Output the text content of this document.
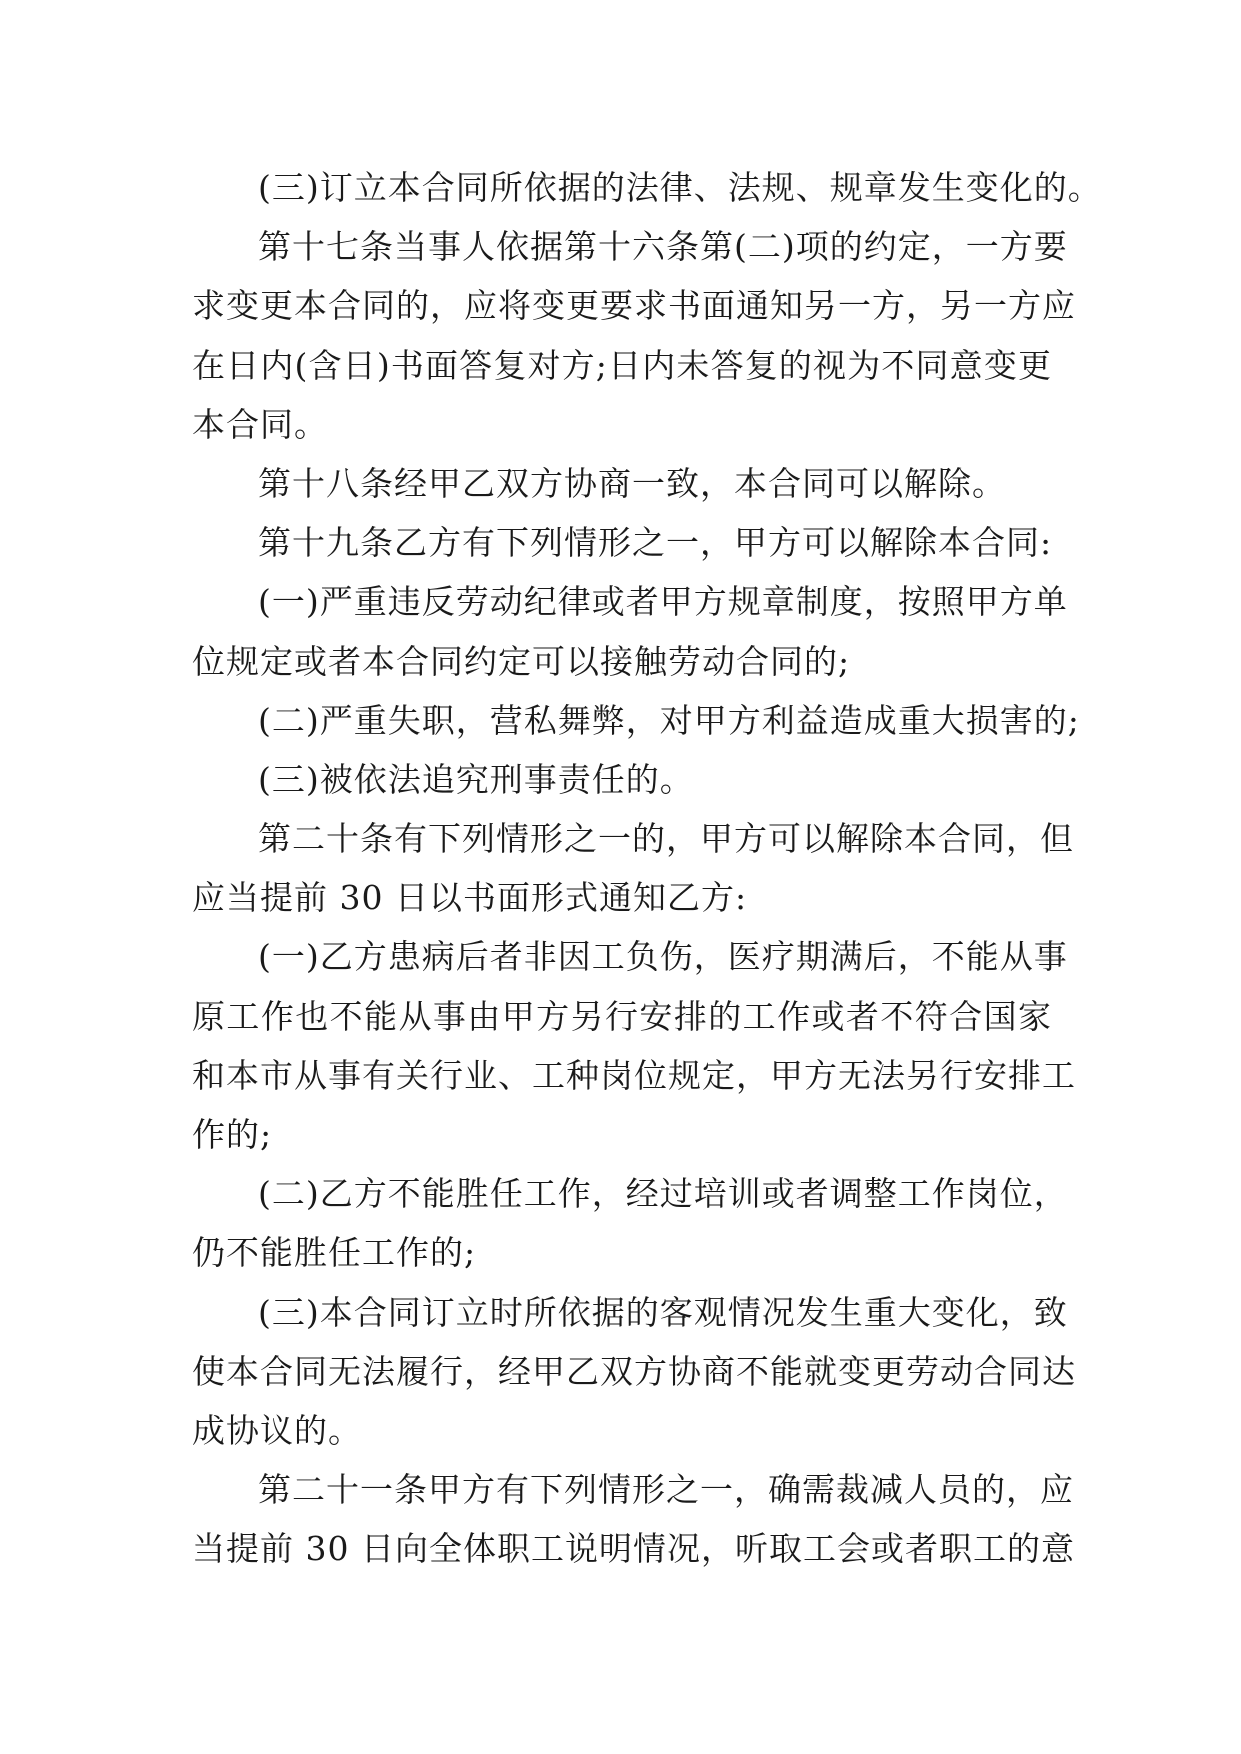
(三)订立本合同所依据的法律、法规、规章发生变化的。
第十七条当事人依据第十六条第(二)项的约定，一方要
求变更本合同的，应将变更要求书面通知另一方，另一方应
在日内(含日)书面答复对方;日内未答复的视为不同意变更
本合同。
第十八条经甲乙双方协商一致，本合同可以解除。
第十九条乙方有下列情形之一，甲方可以解除本合同:
(一)严重违反劳动纪律或者甲方规章制度，按照甲方单
位规定或者本合同约定可以接触劳动合同的;
(二)严重失职，营私舞弊，对甲方利益造成重大损害的;
(三)被依法追究刑事责任的。
第二十条有下列情形之一的，甲方可以解除本合同，但
应当提前 30 日以书面形式通知乙方:
(一)乙方患病后者非因工负伤，医疗期满后，不能从事
原工作也不能从事由甲方另行安排的工作或者不符合国家
和本市从事有关行业、工种岗位规定，甲方无法另行安排工
作的;
(二)乙方不能胜任工作，经过培训或者调整工作岗位，
仍不能胜任工作的;
(三)本合同订立时所依据的客观情况发生重大变化，致
使本合同无法履行，经甲乙双方协商不能就变更劳动合同达
成协议的。
第二十一条甲方有下列情形之一，确需裁减人员的，应
当提前 30 日向全体职工说明情况，听取工会或者职工的意
